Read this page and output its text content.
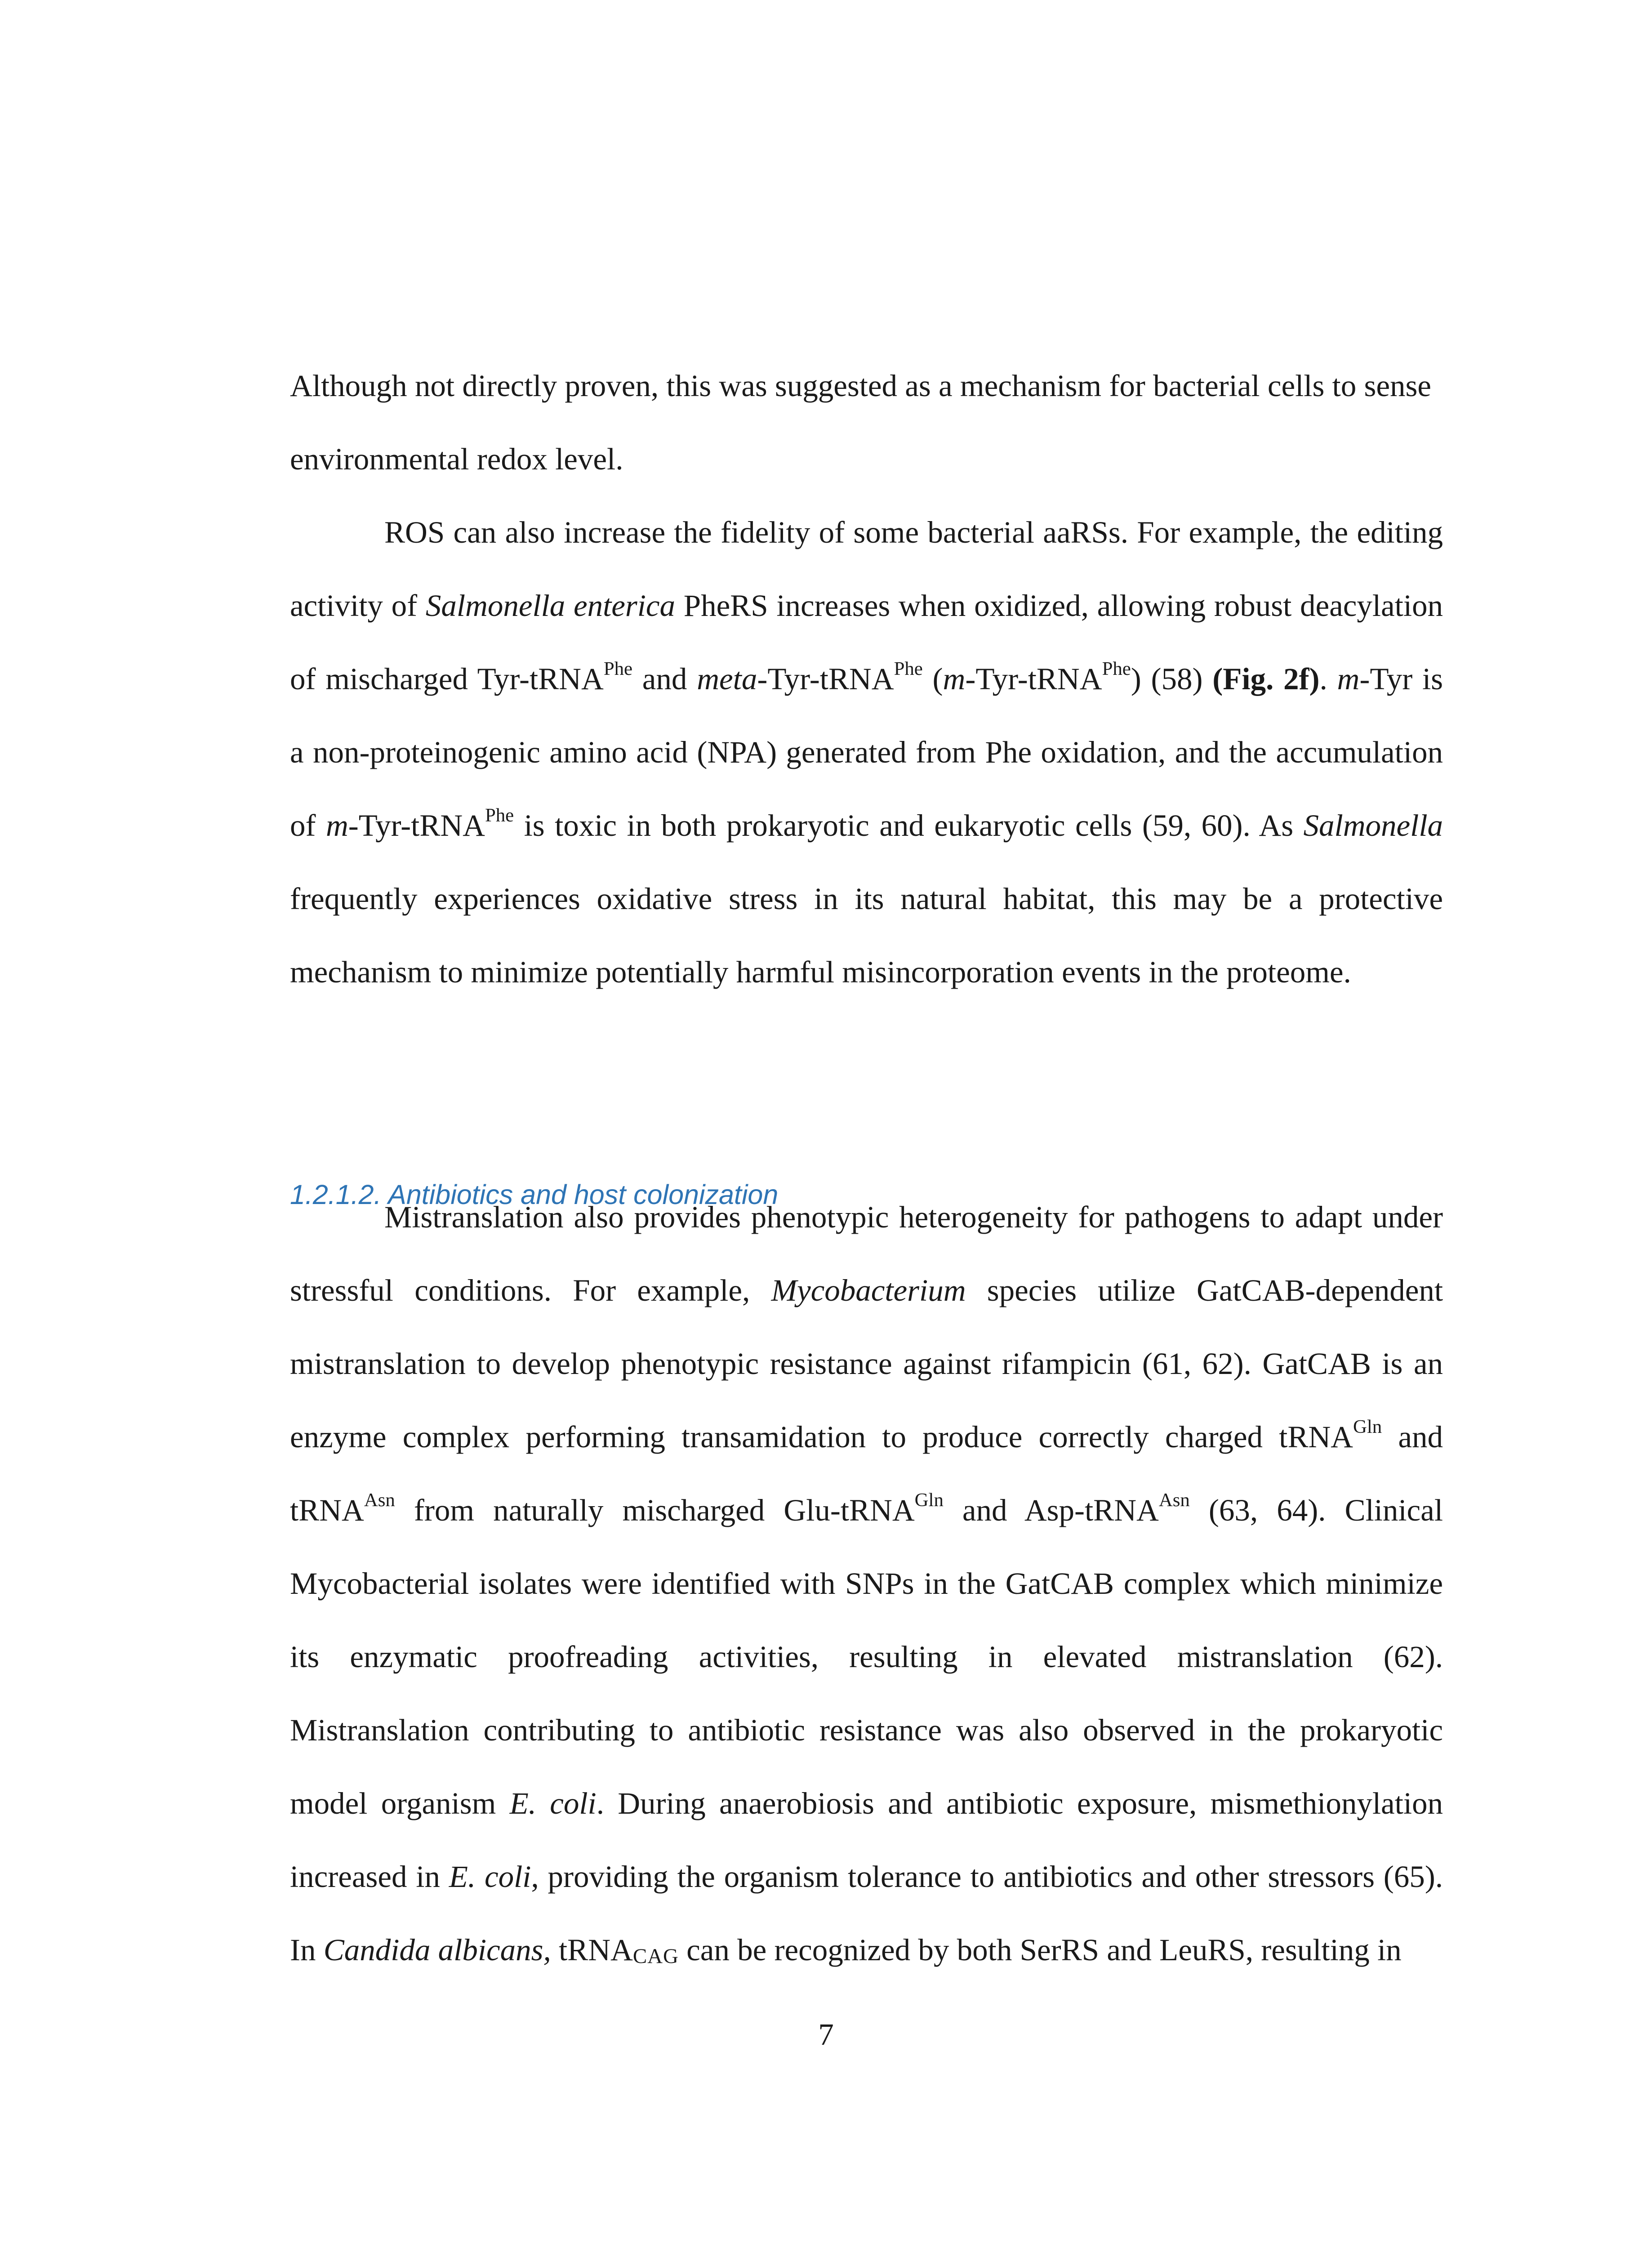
Although not directly proven, this was suggested as a mechanism for bacterial cells to sense
environmental redox level.

ROS can also increase the fidelity of some bacterial aaRSs. For example, the editing activity of Salmonella enterica PheRS increases when oxidized, allowing robust deacylation of mischarged Tyr-tRNA$^{Phe}$ and meta-Tyr-tRNA$^{Phe}$ (m-Tyr-tRNA$^{Phe}$) (58) (Fig. 2f). m-Tyr is a non-proteinogenic amino acid (NPA) generated from Phe oxidation, and the accumulation of m-Tyr-tRNA$^{Phe}$ is toxic in both prokaryotic and eukaryotic cells (59, 60). As Salmonella frequently experiences oxidative stress in its natural habitat, this may be a protective mechanism to minimize potentially harmful misincorporation events in the proteome.

1.2.1.2. Antibiotics and host colonization

Mistranslation also provides phenotypic heterogeneity for pathogens to adapt under stressful conditions. For example, Mycobacterium species utilize GatCAB-dependent mistranslation to develop phenotypic resistance against rifampicin (61, 62). GatCAB is an enzyme complex performing transamidation to produce correctly charged tRNA$^{Gln}$ and tRNA$^{Asn}$ from naturally mischarged Glu-tRNA$^{Gln}$ and Asp-tRNA$^{Asn}$ (63, 64). Clinical Mycobacterial isolates were identified with SNPs in the GatCAB complex which minimize its enzymatic proofreading activities, resulting in elevated mistranslation (62). Mistranslation contributing to antibiotic resistance was also observed in the prokaryotic model organism E. coli. During anaerobiosis and antibiotic exposure, mismethionylation increased in E. coli, providing the organism tolerance to antibiotics and other stressors (65). In Candida albicans, tRNA$_{CAG}$ can be recognized by both SerRS and LeuRS, resulting in

7
